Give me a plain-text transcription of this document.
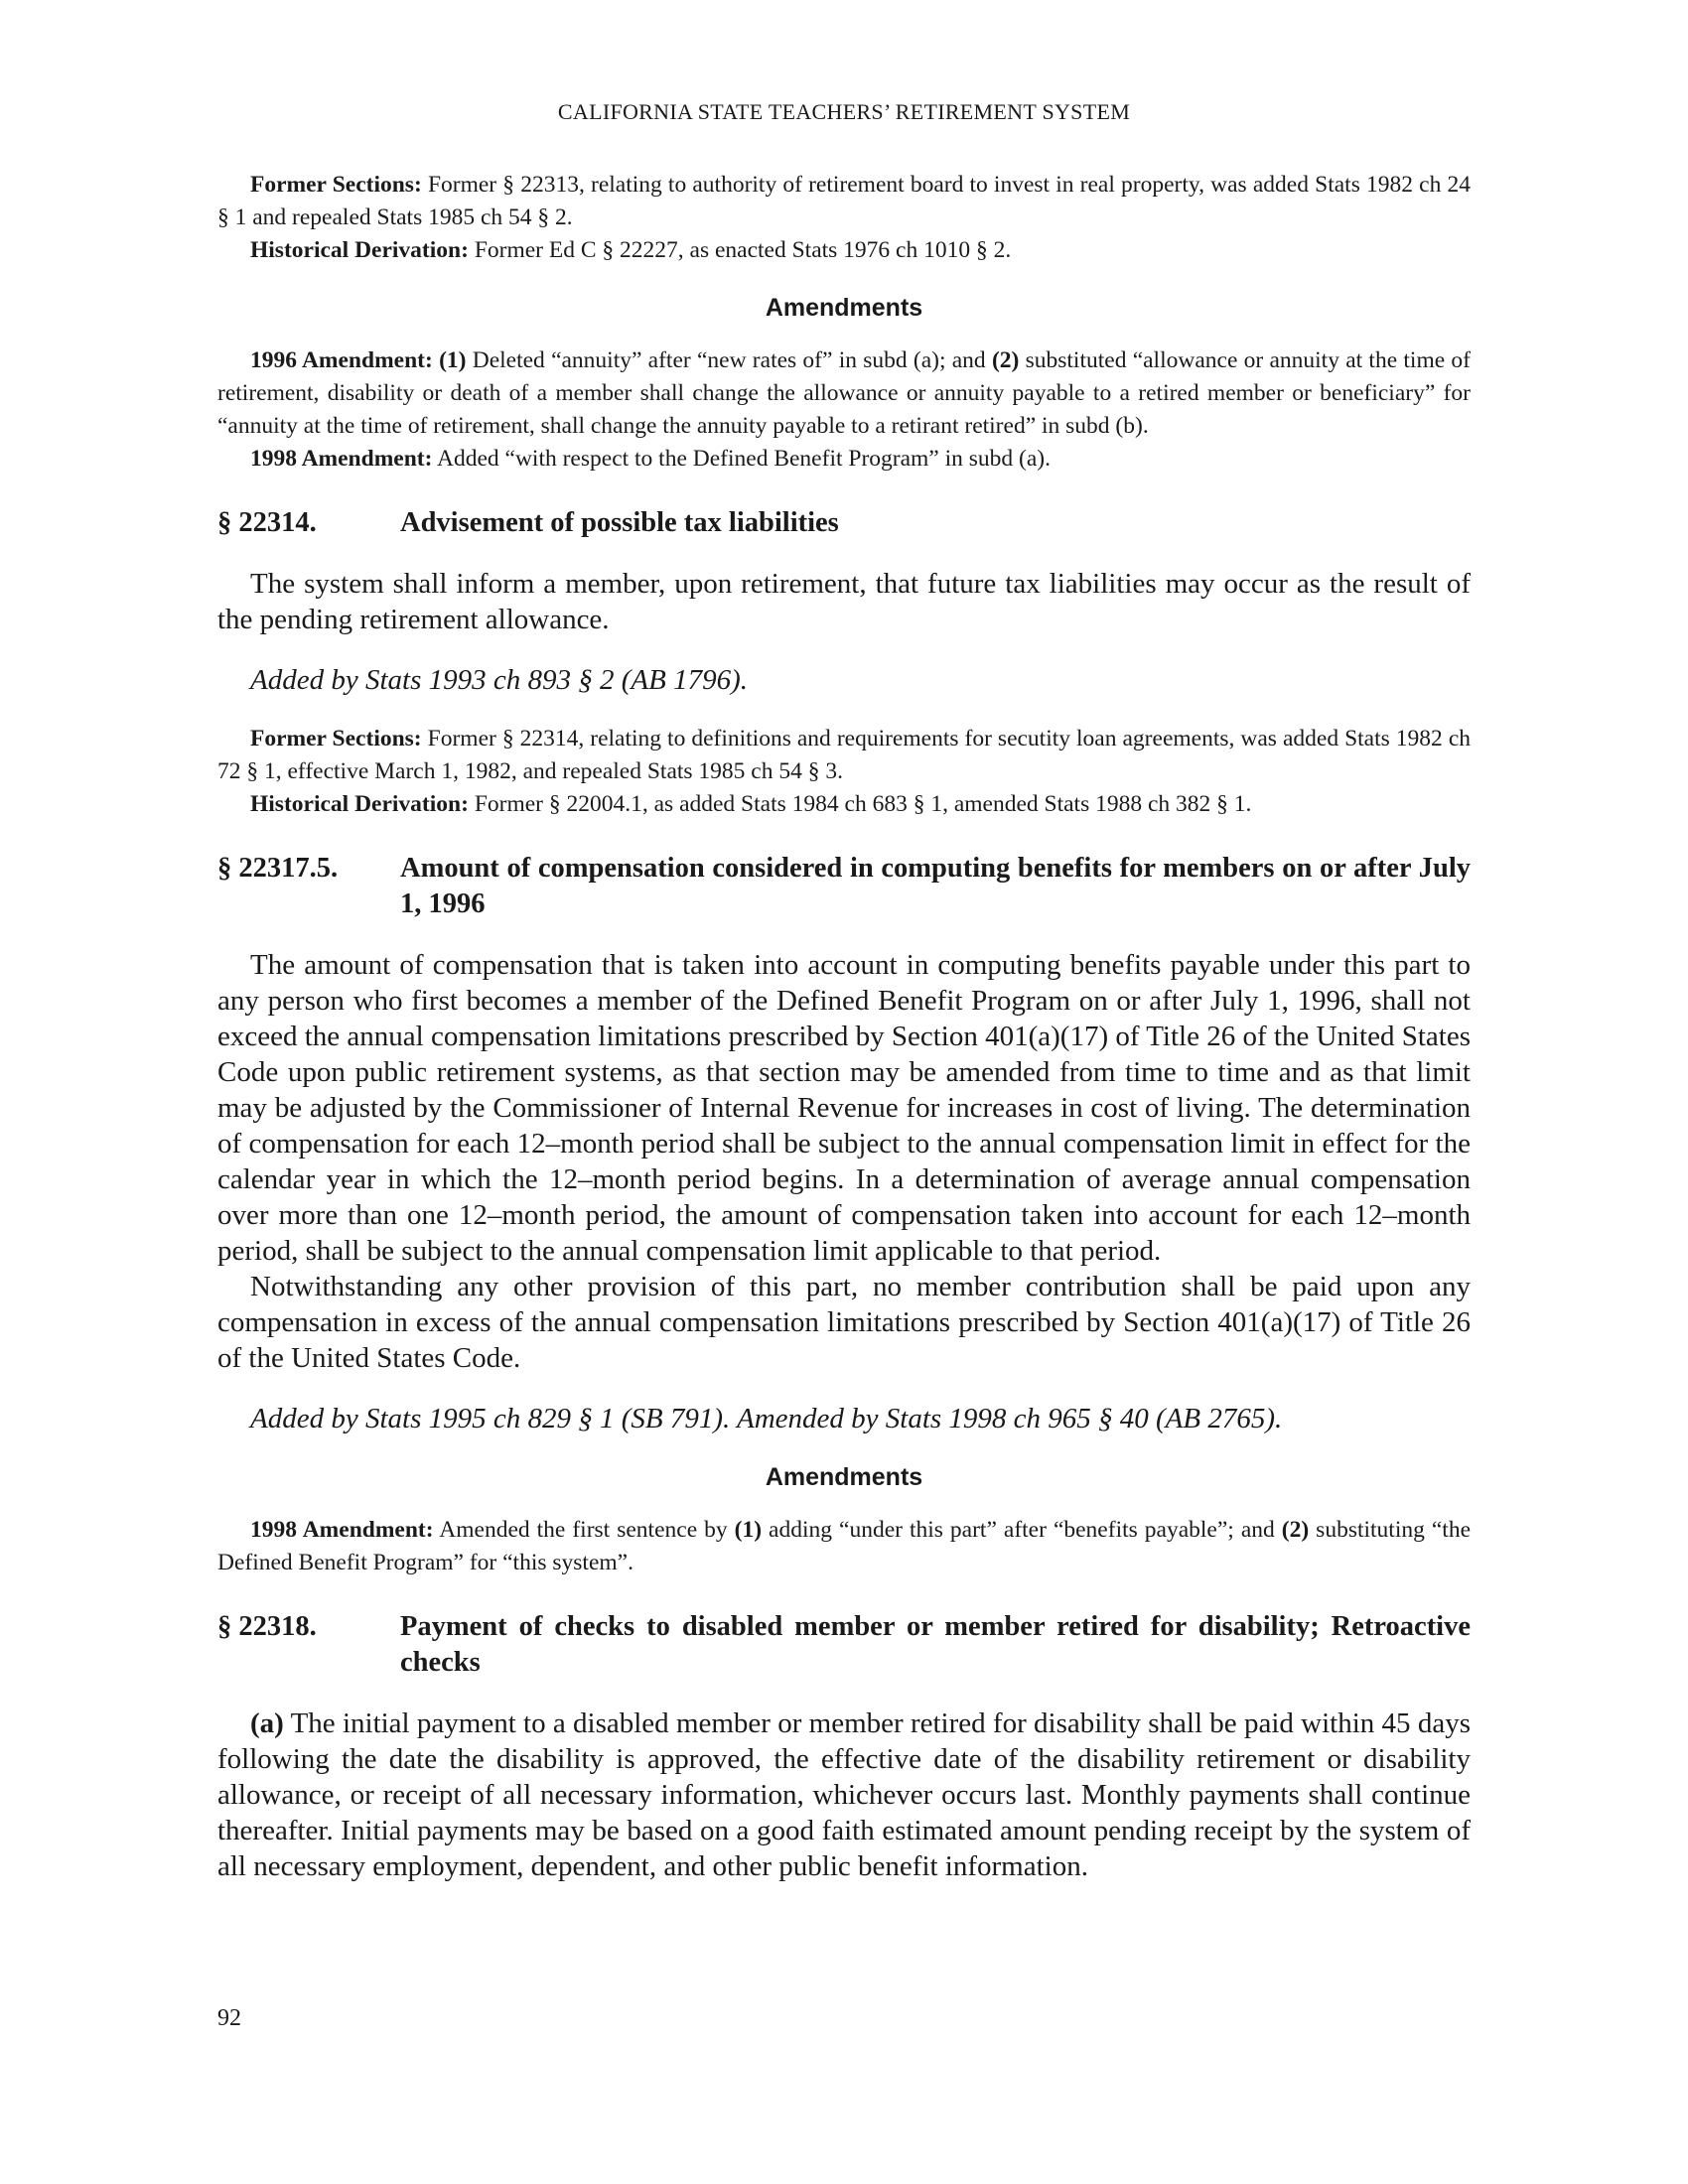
CALIFORNIA STATE TEACHERS’ RETIREMENT SYSTEM

Former Sections: Former § 22313, relating to authority of retirement board to invest in real property, was added Stats 1982 ch 24 § 1 and repealed Stats 1985 ch 54 § 2.

Historical Derivation: Former Ed C § 22227, as enacted Stats 1976 ch 1010 § 2.

Amendments

1996 Amendment: (1) Deleted “annuity” after “new rates of” in subd (a); and (2) substituted “allowance or annuity at the time of retirement, disability or death of a member shall change the allowance or annuity payable to a retired member or beneficiary” for “annuity at the time of retirement, shall change the annuity payable to a retirant retired” in subd (b).

1998 Amendment: Added “with respect to the Defined Benefit Program” in subd (a).

§ 22314.	Advisement of possible tax liabilities

The system shall inform a member, upon retirement, that future tax liabilities may occur as the result of the pending retirement allowance.

Added by Stats 1993 ch 893 § 2 (AB 1796).

Former Sections: Former § 22314, relating to definitions and requirements for secutity loan agreements, was added Stats 1982 ch 72 § 1, effective March 1, 1982, and repealed Stats 1985 ch 54 § 3.

Historical Derivation: Former § 22004.1, as added Stats 1984 ch 683 § 1, amended Stats 1988 ch 382 § 1.

§ 22317.5.	Amount of compensation considered in computing benefits for members on or after July 1, 1996

The amount of compensation that is taken into account in computing benefits payable under this part to any person who first becomes a member of the Defined Benefit Program on or after July 1, 1996, shall not exceed the annual compensation limitations prescribed by Section 401(a)(17) of Title 26 of the United States Code upon public retirement systems, as that section may be amended from time to time and as that limit may be adjusted by the Commissioner of Internal Revenue for increases in cost of living. The determination of compensation for each 12–month period shall be subject to the annual compensation limit in effect for the calendar year in which the 12–month period begins. In a determination of average annual compensation over more than one 12–month period, the amount of compensation taken into account for each 12–month period, shall be subject to the annual compensation limit applicable to that period.

Notwithstanding any other provision of this part, no member contribution shall be paid upon any compensation in excess of the annual compensation limitations prescribed by Section 401(a)(17) of Title 26 of the United States Code.

Added by Stats 1995 ch 829 § 1 (SB 791). Amended by Stats 1998 ch 965 § 40 (AB 2765).

Amendments

1998 Amendment: Amended the first sentence by (1) adding “under this part” after “benefits payable”; and (2) substituting “the Defined Benefit Program” for “this system”.

§ 22318.	Payment of checks to disabled member or member retired for disability; Retroactive checks

(a) The initial payment to a disabled member or member retired for disability shall be paid within 45 days following the date the disability is approved, the effective date of the disability retirement or disability allowance, or receipt of all necessary information, whichever occurs last. Monthly payments shall continue thereafter. Initial payments may be based on a good faith estimated amount pending receipt by the system of all necessary employment, dependent, and other public benefit information.

92
